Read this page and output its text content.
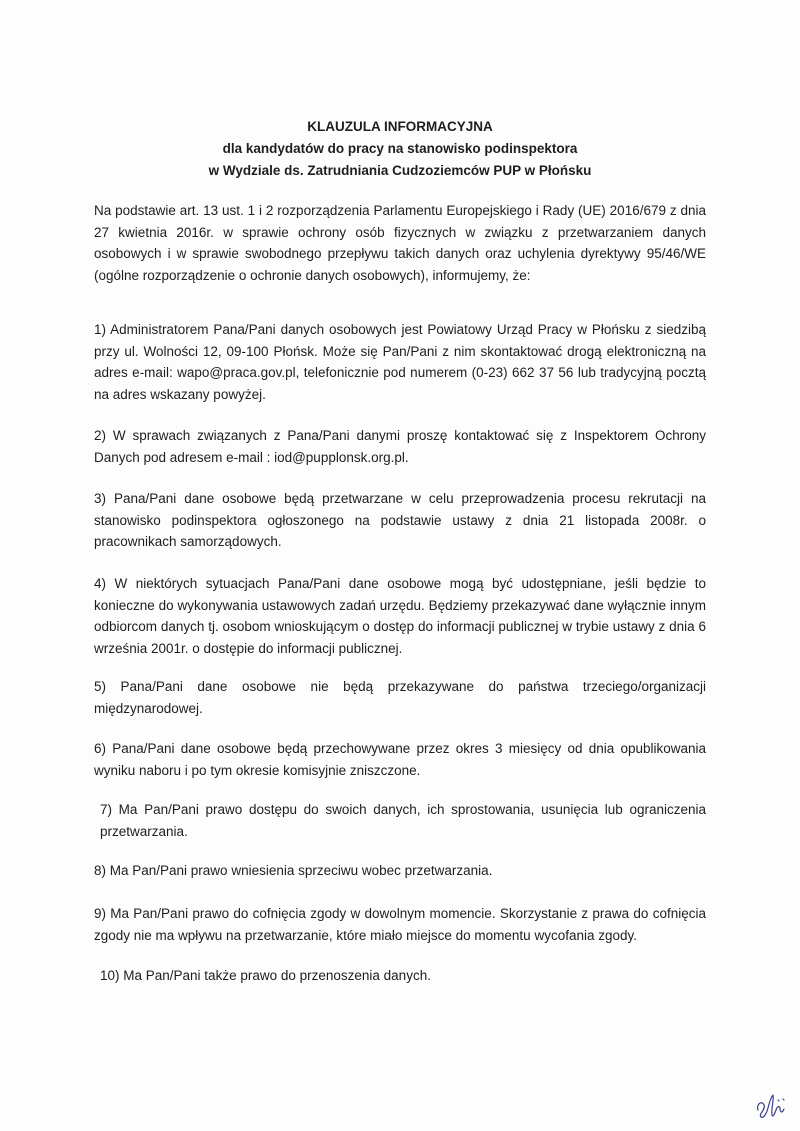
KLAUZULA INFORMACYJNA
dla kandydatów do pracy na stanowisko podinspektora
w Wydziale ds. Zatrudniania Cudzoziemców PUP w Płońsku

Na podstawie art. 13 ust. 1 i 2 rozporządzenia Parlamentu Europejskiego i Rady (UE) 2016/679 z dnia 27 kwietnia 2016r. w sprawie ochrony osób fizycznych w związku z przetwarzaniem danych osobowych i w sprawie swobodnego przepływu takich danych oraz uchylenia dyrektywy 95/46/WE (ogólne rozporządzenie o ochronie danych osobowych), informujemy, że:

1) Administratorem Pana/Pani danych osobowych jest Powiatowy Urząd Pracy w Płońsku z siedzibą przy ul. Wolności 12, 09-100 Płońsk. Może się Pan/Pani z nim skontaktować drogą elektroniczną na adres e-mail: wapo@praca.gov.pl, telefonicznie pod numerem (0-23) 662 37 56 lub tradycyjną pocztą na adres wskazany powyżej.

2) W sprawach związanych z Pana/Pani danymi proszę kontaktować się z Inspektorem Ochrony Danych pod adresem e-mail : iod@pupplonsk.org.pl.

3) Pana/Pani dane osobowe będą przetwarzane w celu przeprowadzenia procesu rekrutacji na stanowisko podinspektora ogłoszonego na podstawie ustawy z dnia 21 listopada 2008r. o pracownikach samorządowych.

4) W niektórych sytuacjach Pana/Pani dane osobowe mogą być udostępniane, jeśli będzie to konieczne do wykonywania ustawowych zadań urzędu. Będziemy przekazywać dane wyłącznie innym odbiorcom danych tj. osobom wnioskującym o dostęp do informacji publicznej w trybie ustawy z dnia 6 września 2001r. o dostępie do informacji publicznej.

5) Pana/Pani dane osobowe nie będą przekazywane do państwa trzeciego/organizacji międzynarodowej.

6) Pana/Pani dane osobowe będą przechowywane przez okres 3 miesięcy od dnia opublikowania wyniku naboru i po tym okresie komisyjnie zniszczone.

7) Ma Pan/Pani prawo dostępu do swoich danych, ich sprostowania, usunięcia lub ograniczenia przetwarzania.

8) Ma Pan/Pani prawo wniesienia sprzeciwu wobec przetwarzania.

9) Ma Pan/Pani prawo do cofnięcia zgody w dowolnym momencie. Skorzystanie z prawa do cofnięcia zgody nie ma wpływu na przetwarzanie, które miało miejsce do momentu wycofania zgody.

10) Ma Pan/Pani także prawo do przenoszenia danych.
